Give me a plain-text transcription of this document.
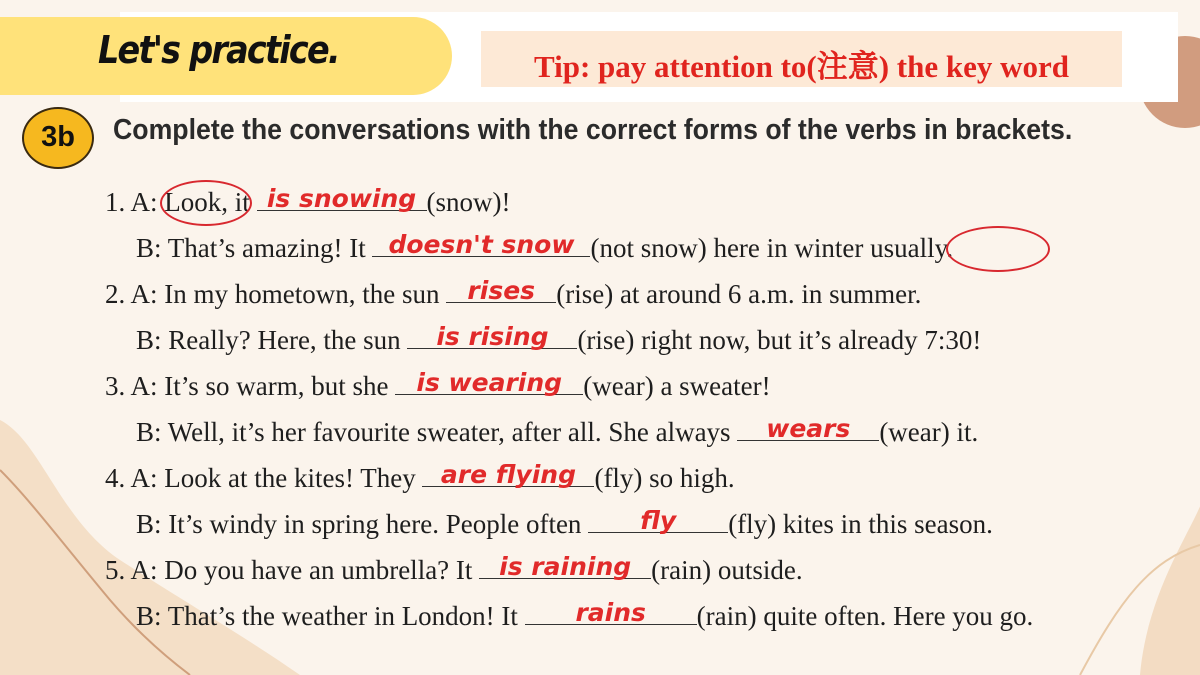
Let's practice.	Tip: pay attention to(注意) the key word
3b	Complete the conversations with the correct forms of the verbs in brackets.
1. A: Look, it is snowing (snow)!
B: That’s amazing! It doesn't snow (not snow) here in winter usually.
2. A: In my hometown, the sun rises (rise) at around 6 a.m. in summer.
B: Really? Here, the sun	is rising	(rise) right now, but it’s already 7:30!
3. A: It’s so warm, but she is wearing (wear) a sweater!
B: Well, it’s her favourite sweater, after all. She always	wears	(wear) it.
4. A: Look at the kites! They are flying (fly) so high.
B: It’s windy in spring here. People often	fly	(fly) kites in this season.
5. A: Do you have an umbrella? It is raining (rain) outside.
B: That’s the weather in London! It	rains	(rain) quite often. Here you go.
